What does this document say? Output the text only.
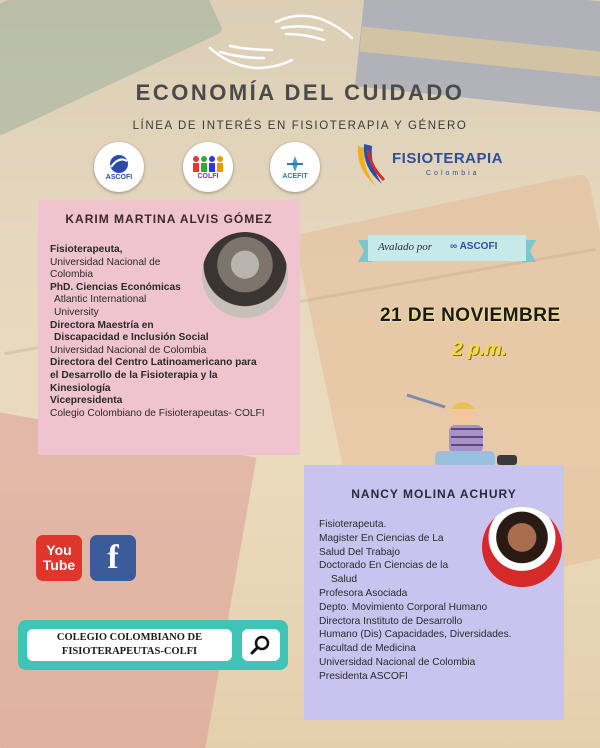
ECONOMÍA DEL CUIDADO
LÍNEA DE INTERÉS EN FISIOTERAPIA Y GÉNERO
ASCOFI	COLFI	ACEFIT
FISIOTERAPIA
Colombia
KARIM MARTINA ALVIS GÓMEZ
Fisioterapeuta,
Universidad Nacional de
Colombia
PhD. Ciencias Económicas
Atlantic International
University
Directora Maestría en
Discapacidad e Inclusión Social
Universidad Nacional de Colombia
Directora del Centro Latinoamericano para
el Desarrollo de la Fisioterapia y la
Kinesiología
Vicepresidenta
Colegio Colombiano de Fisioterapeutas- COLFI
Avalado por ∞ ASCOFI
21 DE NOVIEMBRE
2 p.m.
NANCY MOLINA ACHURY
Fisioterapeuta.
Magister En Ciencias de La
Salud Del Trabajo
Doctorado En Ciencias de la
Salud
Profesora Asociada
Depto. Movimiento Corporal Humano
Directora Instituto de Desarrollo
Humano (Dis) Capacidades, Diversidades.
Facultad de Medicina
Universidad Nacional de Colombia
Presidenta ASCOFI
You
Tube f
COLEGIO COLOMBIANO DE
FISIOTERAPEUTAS-COLFI
